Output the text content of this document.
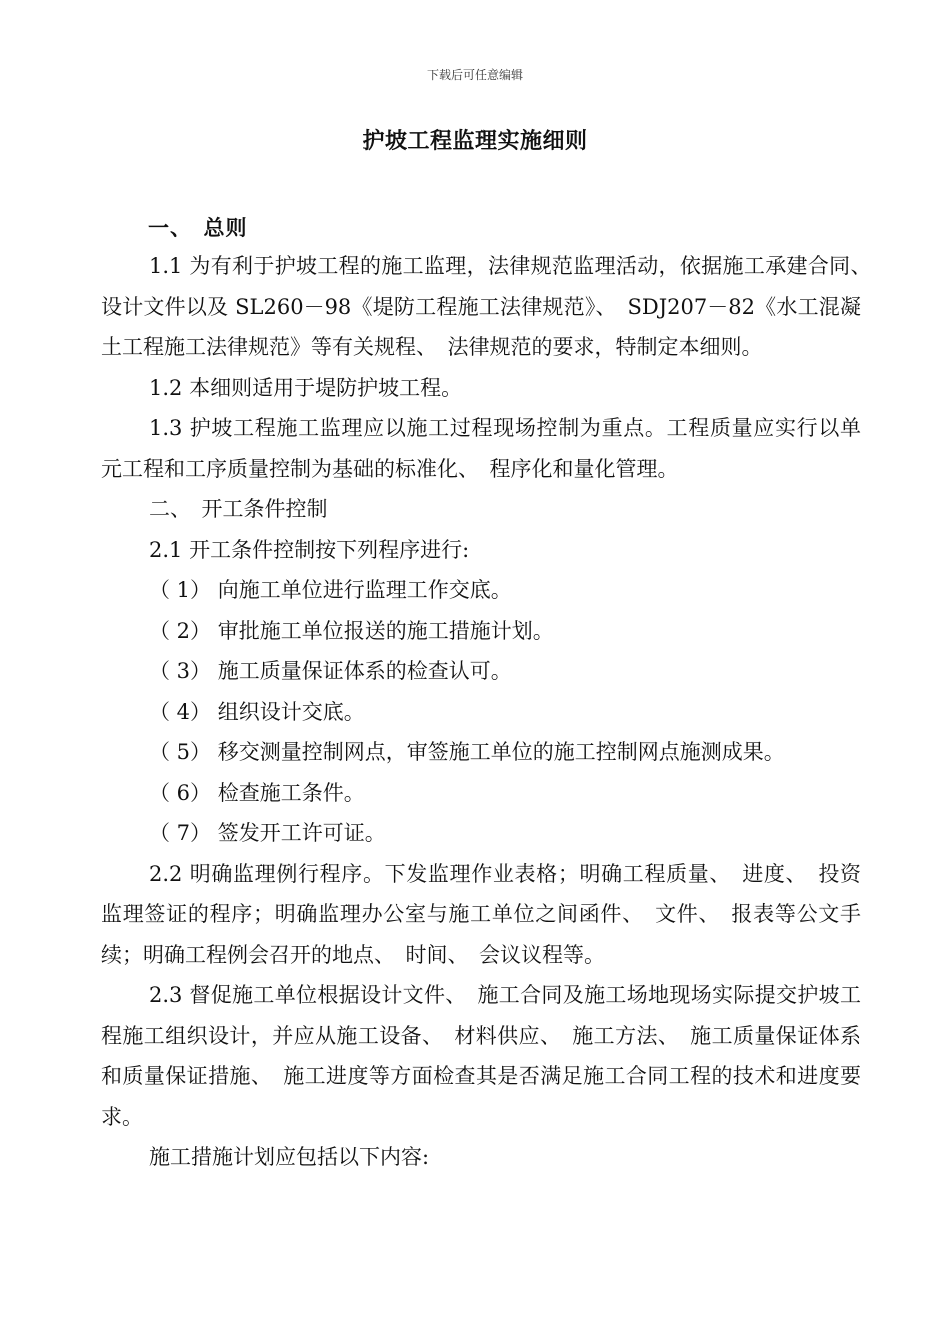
下载后可任意编辑
护坡工程监理实施细则
一、　总则

1.1 为有利于护坡工程的施工监理，法律规范监理活动，依据施工承建合同、　设计文件以及 SL260－98《堤防工程施工法律规范》、　SDJ207－82《水工混凝土工程施工法律规范》等有关规程、　法律规范的要求，特制定本细则。

1.2 本细则适用于堤防护坡工程。

1.3 护坡工程施工监理应以施工过程现场控制为重点。工程质量应实行以单元工程和工序质量控制为基础的标准化、　程序化和量化管理。

二、　开工条件控制

2.1 开工条件控制按下列程序进行:

（ 1） 向施工单位进行监理工作交底。

（ 2） 审批施工单位报送的施工措施计划。

（ 3） 施工质量保证体系的检查认可。

（ 4） 组织设计交底。

（ 5） 移交测量控制网点，审签施工单位的施工控制网点施测成果。

（ 6） 检查施工条件。

（ 7） 签发开工许可证。

2.2 明确监理例行程序。下发监理作业表格；明确工程质量、　进度、　投资监理签证的程序；明确监理办公室与施工单位之间函件、　文件、　报表等公文手续；明确工程例会召开的地点、　时间、　会议议程等。

2.3 督促施工单位根据设计文件、　施工合同及施工场地现场实际提交护坡工程施工组织设计，并应从施工设备、　材料供应、　施工方法、　施工质量保证体系和质量保证措施、　施工进度等方面检查其是否满足施工合同工程的技术和进度要求。

施工措施计划应包括以下内容:
